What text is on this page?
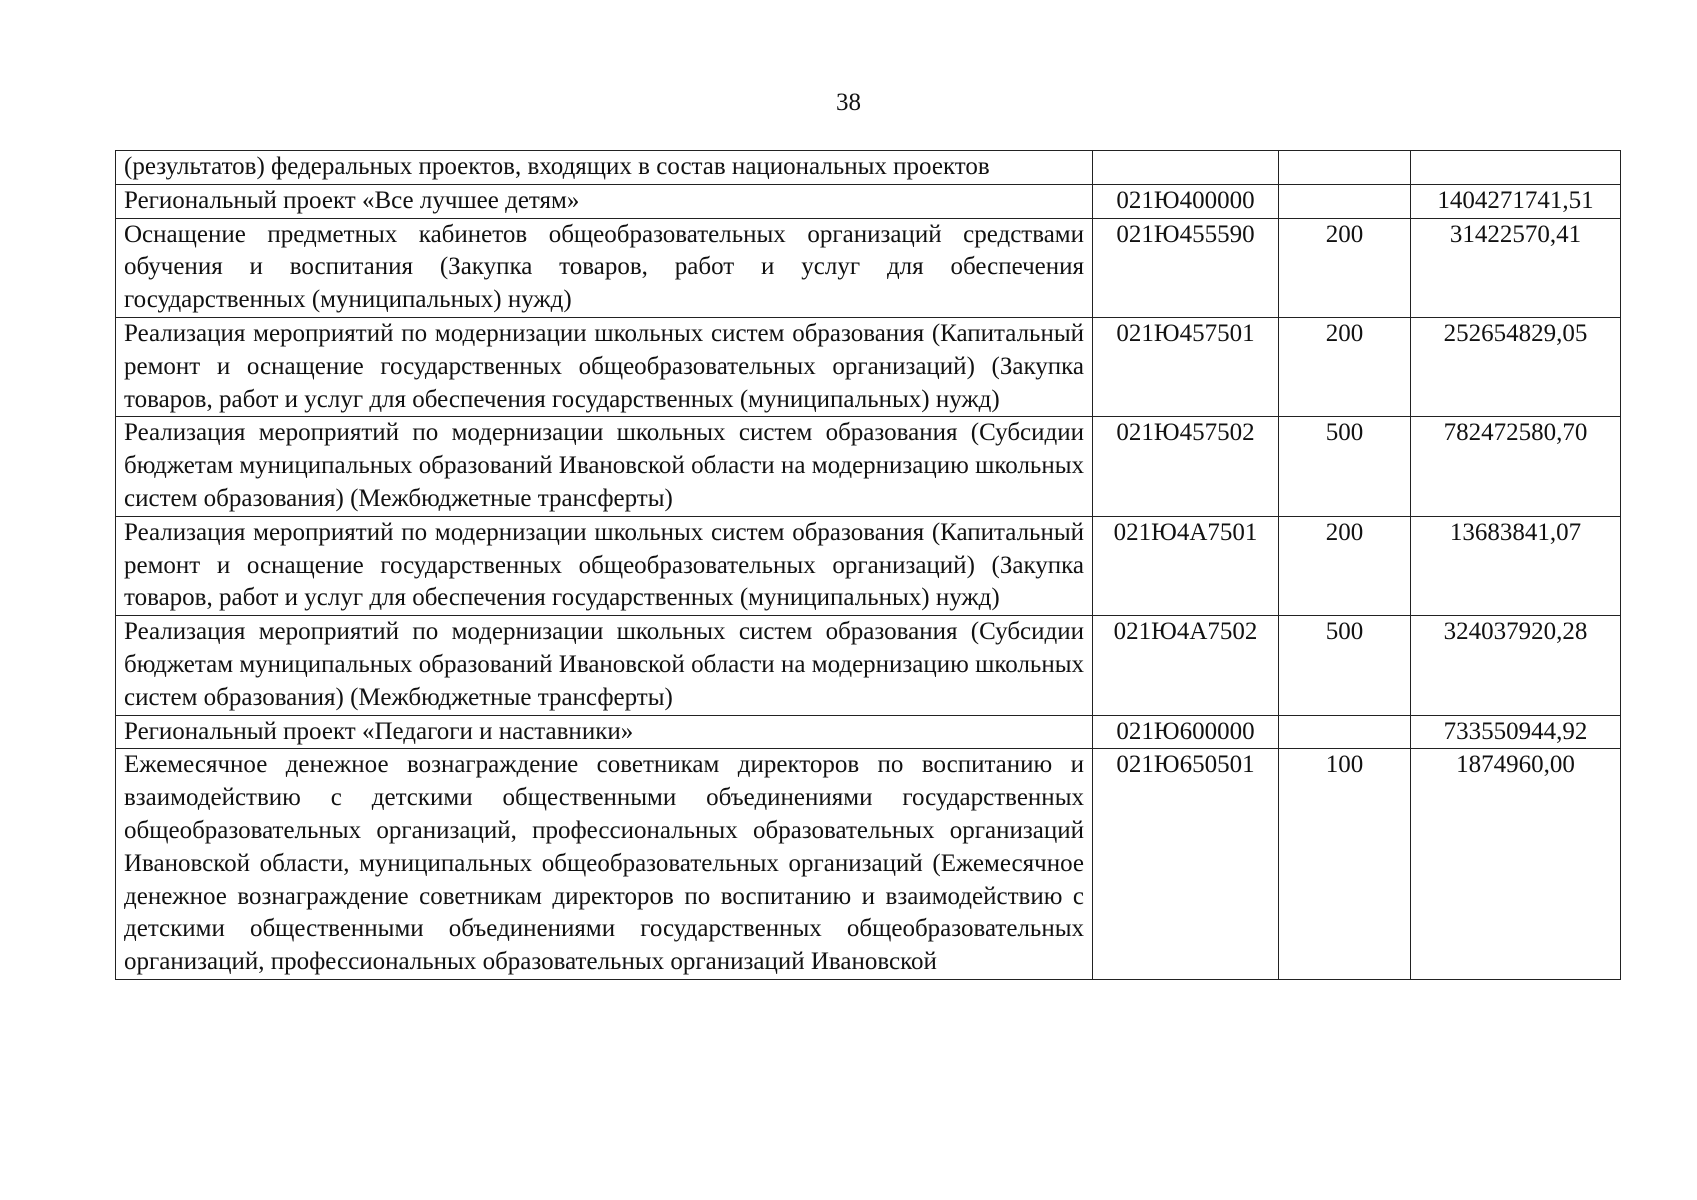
38
(результатов) федеральных проектов, входящих в состав национальных проектов			
Региональный проект «Все лучшее детям»	021Ю400000		1404271741,51
Оснащение предметных кабинетов общеобразовательных организаций средствами обучения и воспитания (Закупка товаров, работ и услуг для обеспечения государственных (муниципальных) нужд)	021Ю455590	200	31422570,41
Реализация мероприятий по модернизации школьных систем образования (Капитальный ремонт и оснащение государственных общеобразовательных организаций) (Закупка товаров, работ и услуг для обеспечения государственных (муниципальных) нужд)	021Ю457501	200	252654829,05
Реализация мероприятий по модернизации школьных систем образования (Субсидии бюджетам муниципальных образований Ивановской области на модернизацию школьных систем образования) (Межбюджетные трансферты)	021Ю457502	500	782472580,70
Реализация мероприятий по модернизации школьных систем образования (Капитальный ремонт и оснащение государственных общеобразовательных организаций) (Закупка товаров, работ и услуг для обеспечения государственных (муниципальных) нужд)	021Ю4А7501	200	13683841,07
Реализация мероприятий по модернизации школьных систем образования (Субсидии бюджетам муниципальных образований Ивановской области на модернизацию школьных систем образования) (Межбюджетные трансферты)	021Ю4А7502	500	324037920,28
Региональный проект «Педагоги и наставники»	021Ю600000		733550944,92
Ежемесячное денежное вознаграждение советникам директоров по воспитанию и взаимодействию с детскими общественными объединениями государственных общеобразовательных организаций, профессиональных образовательных организаций Ивановской области, муниципальных общеобразовательных организаций (Ежемесячное денежное вознаграждение советникам директоров по воспитанию и взаимодействию с детскими общественными объединениями государственных общеобразовательных организаций, профессиональных образовательных организаций Ивановской	021Ю650501	100	1874960,00
